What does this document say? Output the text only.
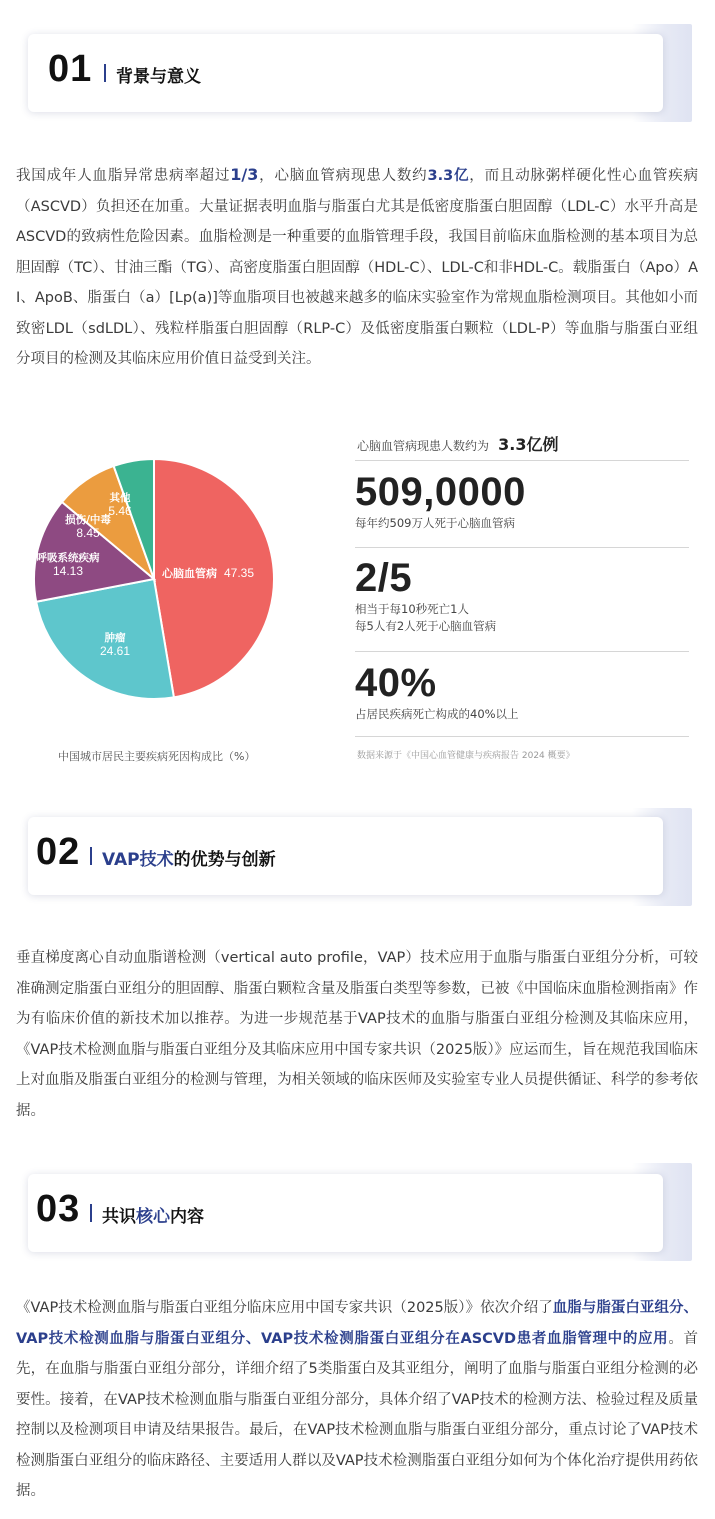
01 背景与意义
我国成年人血脂异常患病率超过1/3，心脑血管病现患人数约3.3亿，而且动脉粥样硬化性心血管疾病（ASCVD）负担还在加重。大量证据表明血脂与脂蛋白尤其是低密度脂蛋白胆固醇（LDL-C）水平升高是ASCVD的致病性危险因素。血脂检测是一种重要的血脂管理手段，我国目前临床血脂检测的基本项目为总胆固醇（TC）、甘油三酯（TG）、高密度脂蛋白胆固醇（HDL-C）、LDL-C和非HDL-C。载脂蛋白（Apo）A Ⅰ、ApoB、脂蛋白（a）[Lp(a)]等血脂项目也被越来越多的临床实验室作为常规血脂检测项目。其他如小而致密LDL（sdLDL）、残粒样脂蛋白胆固醇（RLP-C）及低密度脂蛋白颗粒（LDL-P）等血脂与脂蛋白亚组分项目的检测及其临床应用价值日益受到关注。
心脑血管病 47.35
肿瘤
24.61
呼吸系统疾病
14.13
损伤/中毒
8.45
其他
5.46
中国城市居民主要疾病死因构成比（%）
心脑血管病现患人数约为 3.3亿例
509,0000
每年约509万人死于心脑血管病
2/5
相当于每10秒死亡1人
每5人有2人死于心脑血管病
40%
占居民疾病死亡构成的40%以上
数据来源于《中国心血管健康与疾病报告 2024 概要》
02 VAP技术的优势与创新
垂直梯度离心自动血脂谱检测（vertical auto profile，VAP）技术应用于血脂与脂蛋白亚组分分析，可较准确测定脂蛋白亚组分的胆固醇、脂蛋白颗粒含量及脂蛋白类型等参数，已被《中国临床血脂检测指南》作为有临床价值的新技术加以推荐。为进一步规范基于VAP技术的血脂与脂蛋白亚组分检测及其临床应用，《VAP技术检测血脂与脂蛋白亚组分及其临床应用中国专家共识（2025版）》应运而生，旨在规范我国临床上对血脂及脂蛋白亚组分的检测与管理，为相关领域的临床医师及实验室专业人员提供循证、科学的参考依据。
03 共识核心内容
《VAP技术检测血脂与脂蛋白亚组分临床应用中国专家共识（2025版）》依次介绍了血脂与脂蛋白亚组分、VAP技术检测血脂与脂蛋白亚组分、VAP技术检测脂蛋白亚组分在ASCVD患者血脂管理中的应用。首先，在血脂与脂蛋白亚组分部分，详细介绍了5类脂蛋白及其亚组分，阐明了血脂与脂蛋白亚组分检测的必要性。接着，在VAP技术检测血脂与脂蛋白亚组分部分，具体介绍了VAP技术的检测方法、检验过程及质量控制以及检测项目申请及结果报告。最后，在VAP技术检测血脂与脂蛋白亚组分部分，重点讨论了VAP技术检测脂蛋白亚组分的临床路径、主要适用人群以及VAP技术检测脂蛋白亚组分如何为个体化治疗提供用药依据。
